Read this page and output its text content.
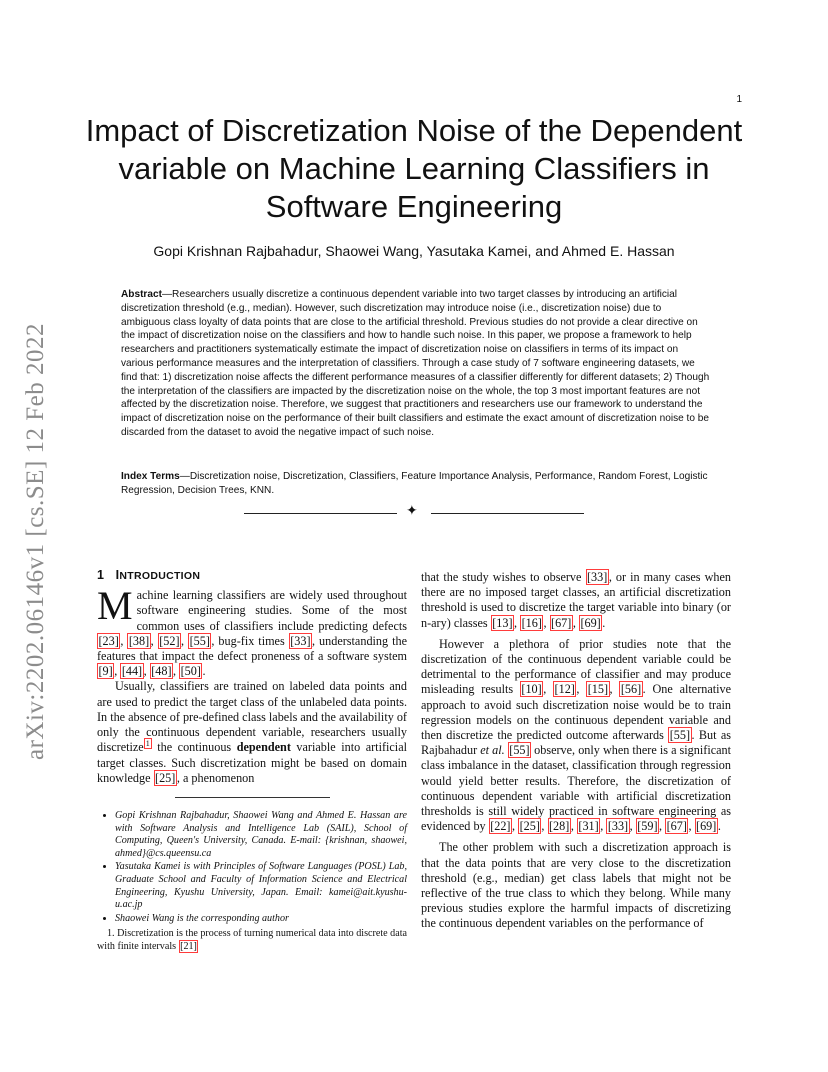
1
arXiv:2202.06146v1 [cs.SE] 12 Feb 2022
Impact of Discretization Noise of the Dependent variable on Machine Learning Classifiers in Software Engineering
Gopi Krishnan Rajbahadur, Shaowei Wang, Yasutaka Kamei, and Ahmed E. Hassan

Abstract—Researchers usually discretize a continuous dependent variable into two target classes by introducing an artificial discretization threshold (e.g., median). However, such discretization may introduce noise (i.e., discretization noise) due to ambiguous class loyalty of data points that are close to the artificial threshold. Previous studies do not provide a clear directive on the impact of discretization noise on the classifiers and how to handle such noise. In this paper, we propose a framework to help researchers and practitioners systematically estimate the impact of discretization noise on classifiers in terms of its impact on various performance measures and the interpretation of classifiers. Through a case study of 7 software engineering datasets, we find that: 1) discretization noise affects the different performance measures of a classifier differently for different datasets; 2) Though the interpretation of the classifiers are impacted by the discretization noise on the whole, the top 3 most important features are not affected by the discretization noise. Therefore, we suggest that practitioners and researchers use our framework to understand the impact of discretization noise on the performance of their built classifiers and estimate the exact amount of discretization noise to be discarded from the dataset to avoid the negative impact of such noise.

Index Terms—Discretization noise, Discretization, Classifiers, Feature Importance Analysis, Performance, Random Forest, Logistic Regression, Decision Trees, KNN.

✦
1 INTRODUCTION

Machine learning classifiers are widely used throughout software engineering studies. Some of the most common uses of classifiers include predicting defects [23] , [38] , [52] , [55] , bug-fix times [33] , understanding the features that impact the defect proneness of a software system [9] , [44] , [48] , [50] .

Usually, classifiers are trained on labeled data points and are used to predict the target class of the unlabeled data points. In the absence of pre-defined class labels and the availability of only the continuous dependent variable, researchers usually discretize $^1$ the continuous dependent variable into artificial target classes. Such discretization might be based on domain knowledge [25] , a phenomenon

• Gopi Krishnan Rajbahadur, Shaowei Wang and Ahmed E. Hassan are with Software Analysis and Intelligence Lab (SAIL), School of Computing, Queen's University, Canada. E-mail: {krishnan, shaowei, ahmed}@cs.queensu.ca
• Yasutaka Kamei is with Principles of Software Languages (POSL) Lab, Graduate School and Faculty of Information Science and Electrical Engineering, Kyushu University, Japan. Email: kamei@ait.kyushu-u.ac.jp
• Shaowei Wang is the corresponding author

1. Discretization is the process of turning numerical data into discrete data with finite intervals [21]

that the study wishes to observe [33] , or in many cases when there are no imposed target classes, an artificial discretization threshold is used to discretize the target variable into binary (or n-ary) classes [13] , [16] , [67] , [69] .

However a plethora of prior studies note that the discretization of the continuous dependent variable could be detrimental to the performance of classifier and may produce misleading results [10] , [12] , [15] , [56] . One alternative approach to avoid such discretization noise would be to train regression models on the continuous dependent variable and then discretize the predicted outcome afterwards [55] . But as Rajbahadur et al. [55] observe, only when there is a significant class imbalance in the dataset, classification through regression would yield better results. Therefore, the discretization of continuous dependent variable with artificial discretization thresholds is still widely practiced in software engineering as evidenced by [22] , [25] , [28] , [31] , [33] , [59] , [67] , [69] .

The other problem with such a discretization approach is that the data points that are very close to the discretization threshold (e.g., median) get class labels that might not be reflective of the true class to which they belong. While many previous studies explore the harmful impacts of discretizing the continuous dependent variables on the performance of
